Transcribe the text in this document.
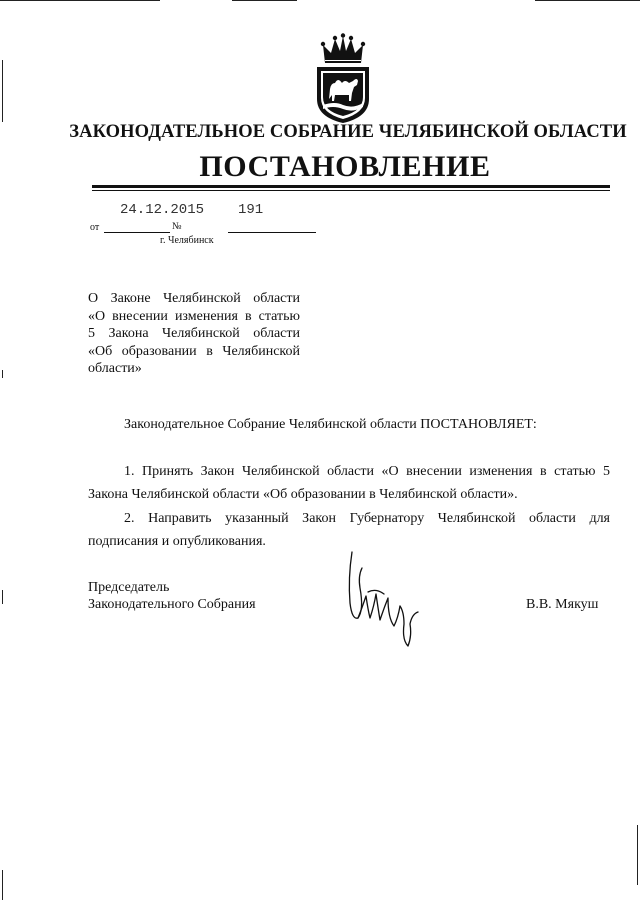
ЗАКОНОДАТЕЛЬНОЕ СОБРАНИЕ ЧЕЛЯБИНСКОЙ ОБЛАСТИ
ПОСТАНОВЛЕНИЕ
24.12.2015 191
от	№
г. Челябинск
О Законе Челябинской области
«О внесении изменения в статью
5 Закона Челябинской области
«Об образовании в Челябинской
области»
Законодательное Собрание Челябинской области ПОСТАНОВЛЯЕТ:
1. Принять Закон Челябинской области «О внесении изменения в статью 5 Закона Челябинской области «Об образовании в Челябинской области».
2. Направить указанный Закон Губернатору Челябинской области для подписания и опубликования.
Председатель
Законодательного Собрания	В.В. Мякуш
